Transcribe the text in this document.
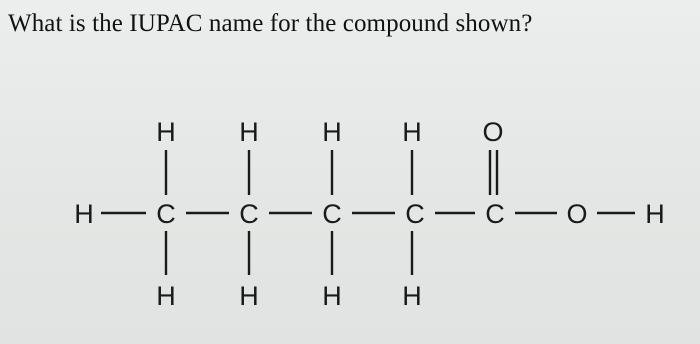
What is the IUPAC name for the compound shown?
H C C C C C O H
H H H H O
H H H H
